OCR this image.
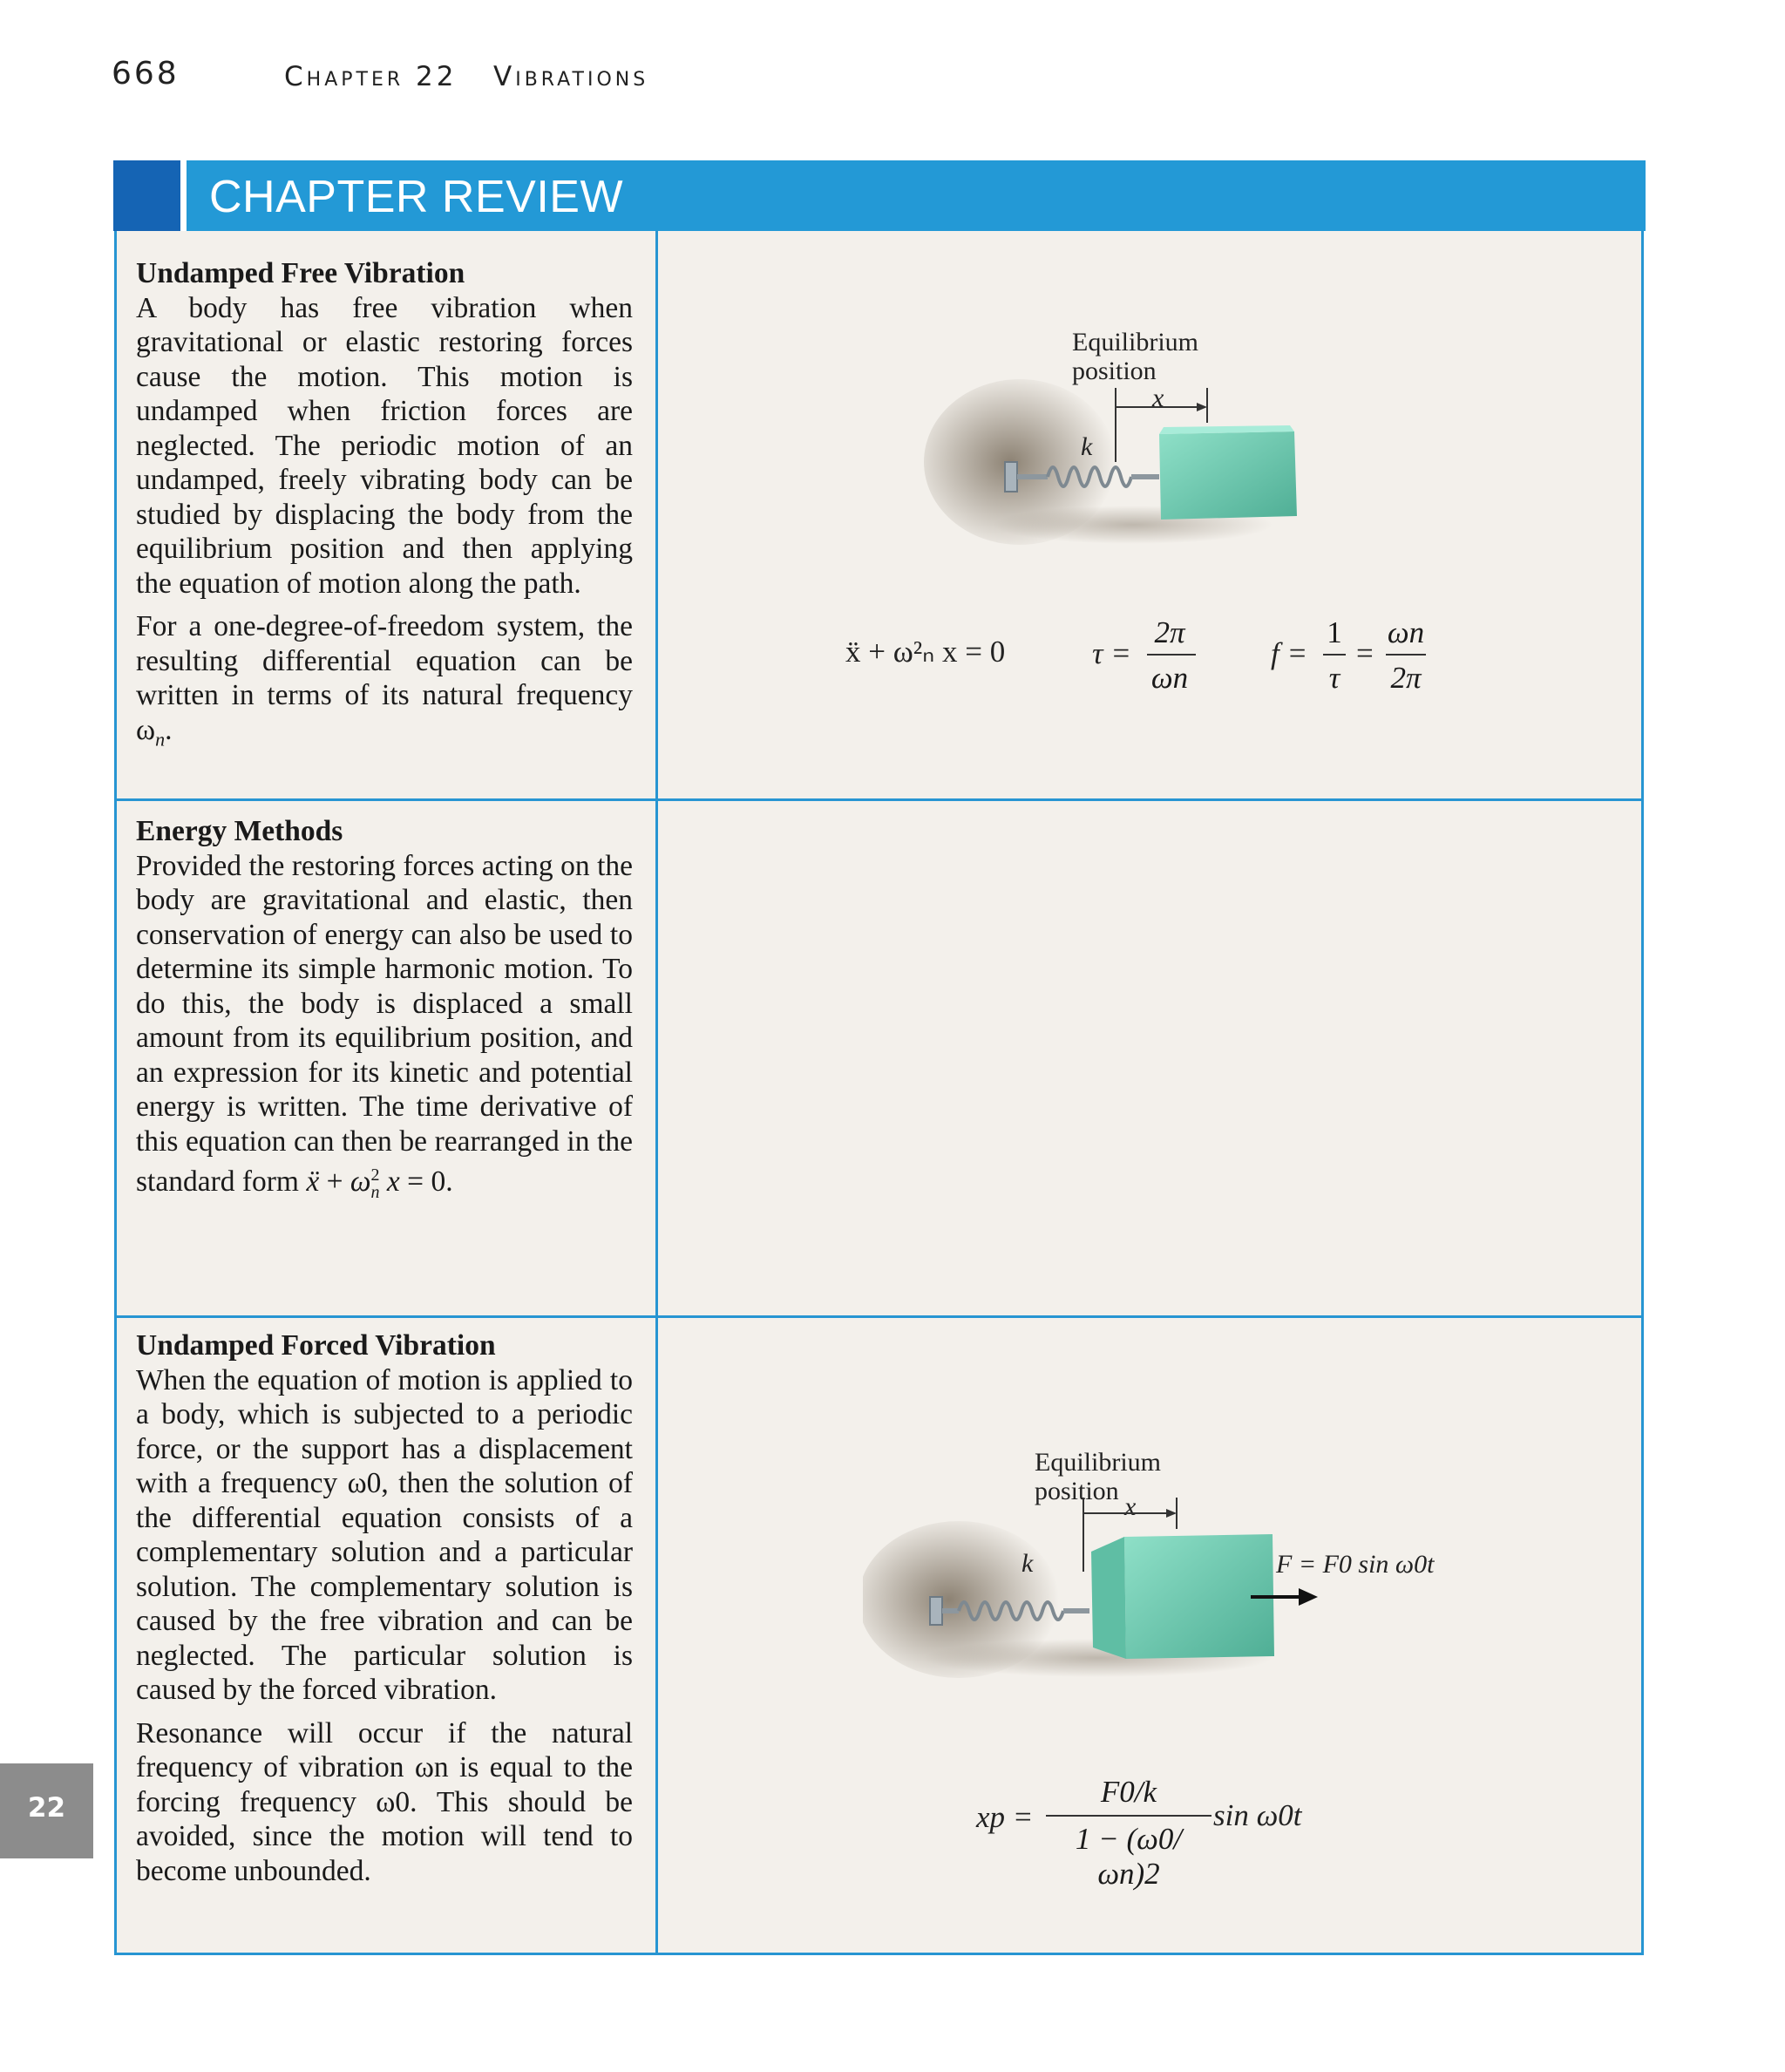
668	Chapter 22 Vibrations
CHAPTER REVIEW
Undamped Free Vibration

A body has free vibration when gravitational or elastic restoring forces cause the motion. This motion is undamped when friction forces are neglected. The periodic motion of an undamped, freely vibrating body can be studied by displacing the body from the equilibrium position and then applying the equation of motion along the path.

For a one-degree-of-freedom system, the resulting differential equation can be written in terms of its natural frequency $\omega_n$.

Equilibrium
position
x
k
ẍ + ω²ₙ x = 0	τ =
2π
ωn
f =
1
τ
=
ωn
2π
Energy Methods

Provided the restoring forces acting on the body are gravitational and elastic, then conservation of energy can also be used to determine its simple harmonic motion. To do this, the body is displaced a small amount from its equilibrium position, and an expression for its kinetic and potential energy is written. The time derivative of this equation can then be rearranged in the standard form ẍ + $\omega^2_n$ x = 0.

Undamped Forced Vibration

When the equation of motion is applied to a body, which is subjected to a periodic force, or the support has a displacement with a frequency ω0, then the solution of the differential equation consists of a complementary solution and a particular solution. The complementary solution is caused by the free vibration and can be neglected. The particular solution is caused by the forced vibration.

Resonance will occur if the natural frequency of vibration ωn is equal to the forcing frequency ω0. This should be avoided, since the motion will tend to become unbounded.

Equilibrium
position
x
k	F = F0 sin ω0t
xp =
F0/k
1 − (ω0/ωn)2
sin ω0t
22
